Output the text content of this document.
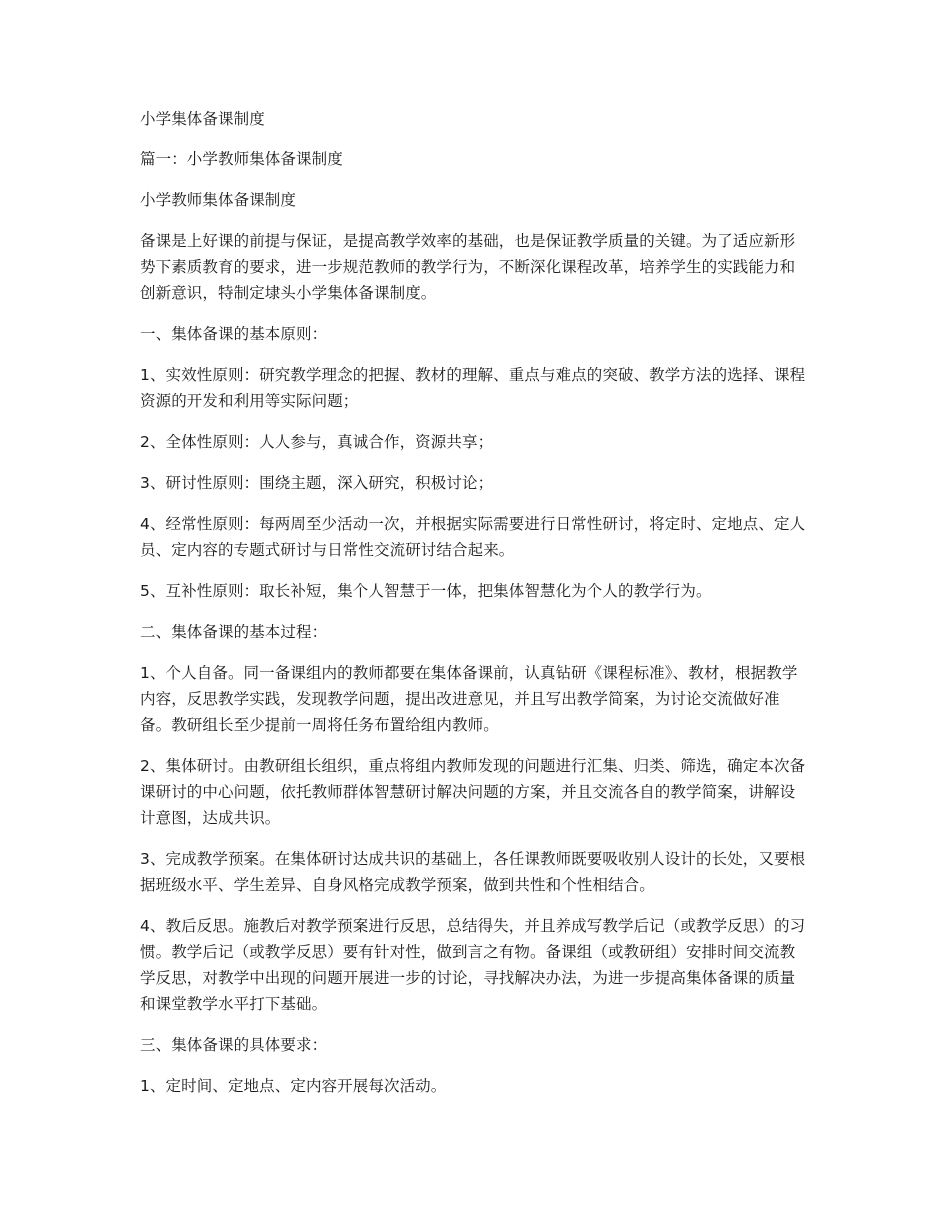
小学集体备课制度

篇一：小学教师集体备课制度

小学教师集体备课制度

备课是上好课的前提与保证，是提高教学效率的基础，也是保证教学质量的关键。为了适应新形势下素质教育的要求，进一步规范教师的教学行为，不断深化课程改革，培养学生的实践能力和创新意识，特制定埭头小学集体备课制度。

一、集体备课的基本原则：

1、实效性原则：研究教学理念的把握、教材的理解、重点与难点的突破、教学方法的选择、课程资源的开发和利用等实际问题；

2、全体性原则：人人参与，真诚合作，资源共享；

3、研讨性原则：围绕主题，深入研究，积极讨论；

4、经常性原则：每两周至少活动一次，并根据实际需要进行日常性研讨，将定时、定地点、定人员、定内容的专题式研讨与日常性交流研讨结合起来。

5、互补性原则：取长补短，集个人智慧于一体，把集体智慧化为个人的教学行为。

二、集体备课的基本过程：

1、个人自备。同一备课组内的教师都要在集体备课前，认真钻研《课程标准》、教材，根据教学内容，反思教学实践，发现教学问题，提出改进意见，并且写出教学简案，为讨论交流做好准备。教研组长至少提前一周将任务布置给组内教师。

2、集体研讨。由教研组长组织，重点将组内教师发现的问题进行汇集、归类、筛选，确定本次备课研讨的中心问题，依托教师群体智慧研讨解决问题的方案，并且交流各自的教学简案，讲解设计意图，达成共识。

3、完成教学预案。在集体研讨达成共识的基础上，各任课教师既要吸收别人设计的长处，又要根据班级水平、学生差异、自身风格完成教学预案，做到共性和个性相结合。

4、教后反思。施教后对教学预案进行反思，总结得失，并且养成写教学后记（或教学反思）的习惯。教学后记（或教学反思）要有针对性，做到言之有物。备课组（或教研组）安排时间交流教学反思，对教学中出现的问题开展进一步的讨论，寻找解决办法，为进一步提高集体备课的质量和课堂教学水平打下基础。

三、集体备课的具体要求：

1、定时间、定地点、定内容开展每次活动。
